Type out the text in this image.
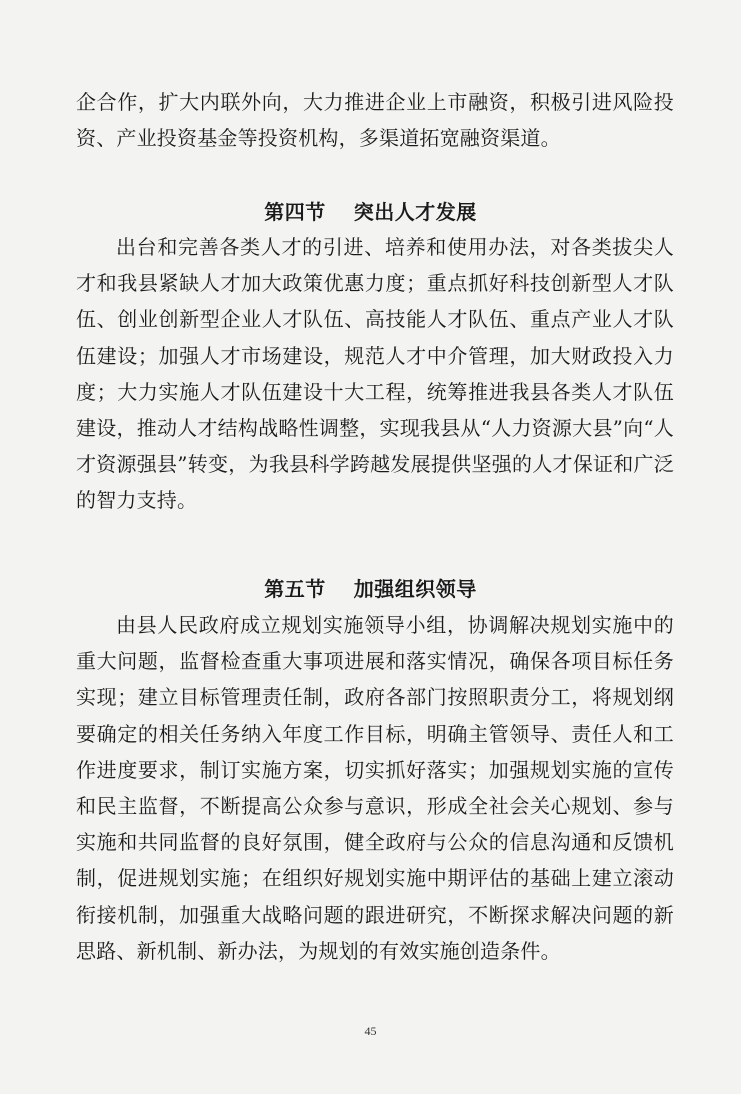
企合作，扩大内联外向，大力推进企业上市融资，积极引进风险投资、产业投资基金等投资机构，多渠道拓宽融资渠道。

第四节 突出人才发展

出台和完善各类人才的引进、培养和使用办法，对各类拔尖人才和我县紧缺人才加大政策优惠力度；重点抓好科技创新型人才队伍、创业创新型企业人才队伍、高技能人才队伍、重点产业人才队伍建设；加强人才市场建设，规范人才中介管理，加大财政投入力度；大力实施人才队伍建设十大工程，统筹推进我县各类人才队伍建设，推动人才结构战略性调整，实现我县从“人力资源大县”向“人才资源强县”转变，为我县科学跨越发展提供坚强的人才保证和广泛的智力支持。

第五节 加强组织领导

由县人民政府成立规划实施领导小组，协调解决规划实施中的重大问题，监督检查重大事项进展和落实情况，确保各项目标任务实现；建立目标管理责任制，政府各部门按照职责分工，将规划纲要确定的相关任务纳入年度工作目标，明确主管领导、责任人和工作进度要求，制订实施方案，切实抓好落实；加强规划实施的宣传和民主监督，不断提高公众参与意识，形成全社会关心规划、参与实施和共同监督的良好氛围，健全政府与公众的信息沟通和反馈机制，促进规划实施；在组织好规划实施中期评估的基础上建立滚动衔接机制，加强重大战略问题的跟进研究，不断探求解决问题的新思路、新机制、新办法，为规划的有效实施创造条件。

45
